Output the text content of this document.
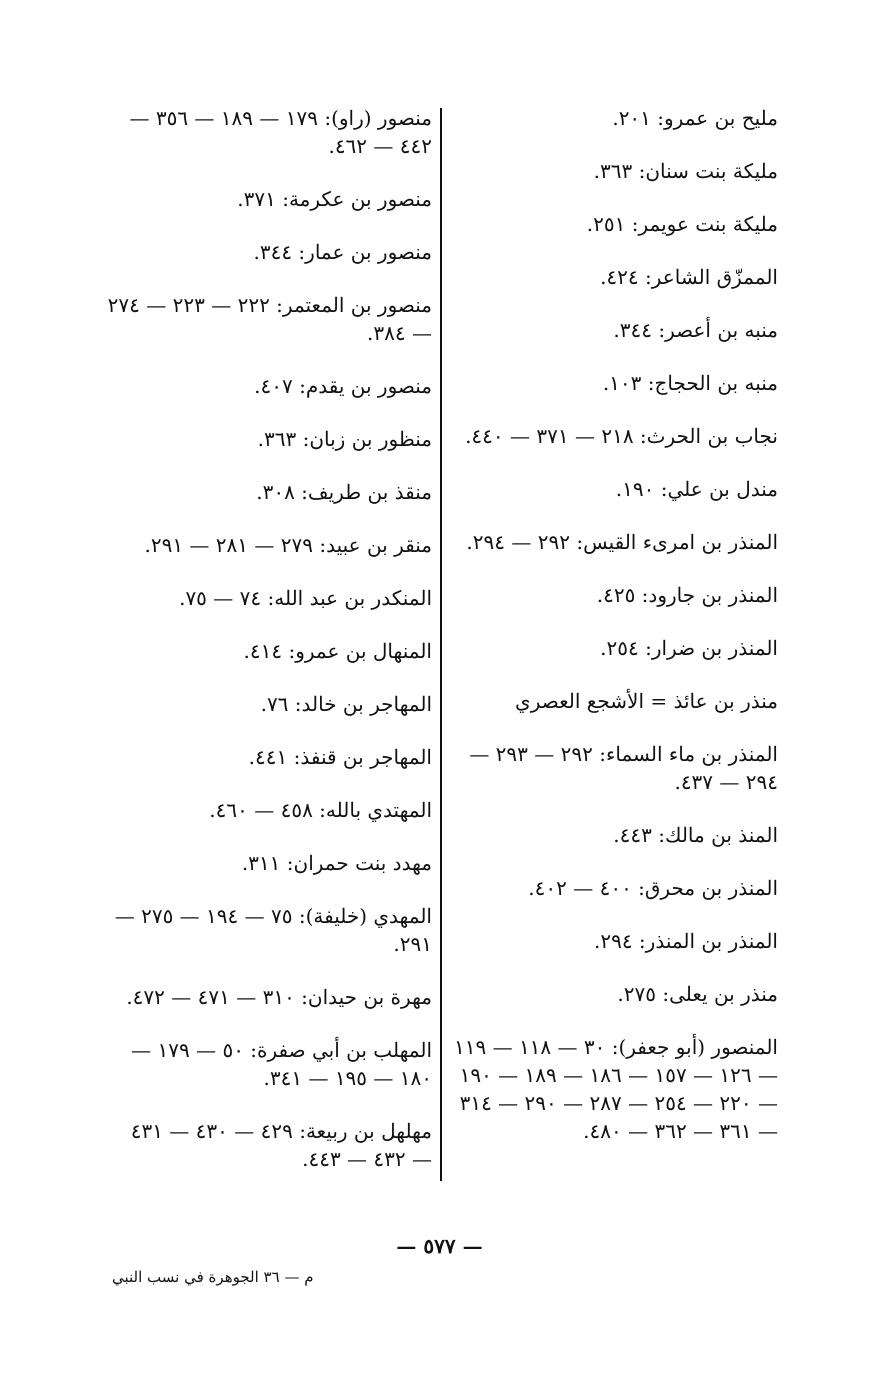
مليح بن عمرو: ٢٠١.
مليكة بنت سنان: ٣٦٣.
مليكة بنت عويمر: ٢٥١.
الممزّق الشاعر: ٤٢٤.
منبه بن أعصر: ٣٤٤.
منبه بن الحجاج: ١٠٣.
نجاب بن الحرث: ٢١٨ — ٣٧١ — ٤٤٠.
مندل بن علي: ١٩٠.
المنذر بن امرىء القيس: ٢٩٢ — ٢٩٤.
المنذر بن جارود: ٤٢٥.
المنذر بن ضرار: ٢٥٤.
منذر بن عائذ = الأشجع العصري
المنذر بن ماء السماء: ٢٩٢ — ٢٩٣ — ٢٩٤ — ٤٣٧.
المنذ بن مالك: ٤٤٣.
المنذر بن محرق: ٤٠٠ — ٤٠٢.
المنذر بن المنذر: ٢٩٤.
منذر بن يعلى: ٢٧٥.
المنصور (أبو جعفر): ٣٠ — ١١٨ — ١١٩ — ١٢٦ — ١٥٧ — ١٨٦ — ١٨٩ — ١٩٠ — ٢٢٠ — ٢٥٤ — ٢٨٧ — ٢٩٠ — ٣١٤ — ٣٦١ — ٣٦٢ — ٤٨٠.
منصور (راو): ١٧٩ — ١٨٩ — ٣٥٦ — ٤٤٢ — ٤٦٢.
منصور بن عكرمة: ٣٧١.
منصور بن عمار: ٣٤٤.
منصور بن المعتمر: ٢٢٢ — ٢٢٣ — ٢٧٤ — ٣٨٤.
منصور بن يقدم: ٤٠٧.
منظور بن زبان: ٣٦٣.
منقذ بن طريف: ٣٠٨.
منقر بن عبيد: ٢٧٩ — ٢٨١ — ٢٩١.
المنكدر بن عبد الله: ٧٤ — ٧٥.
المنهال بن عمرو: ٤١٤.
المهاجر بن خالد: ٧٦.
المهاجر بن قنفذ: ٤٤١.
المهتدي بالله: ٤٥٨ — ٤٦٠.
مهدد بنت حمران: ٣١١.
المهدي (خليفة): ٧٥ — ١٩٤ — ٢٧٥ — ٢٩١.
مهرة بن حيدان: ٣١٠ — ٤٧١ — ٤٧٢.
المهلب بن أبي صفرة: ٥٠ — ١٧٩ — ١٨٠ — ١٩٥ — ٣٤١.
مهلهل بن ربيعة: ٤٢٩ — ٤٣٠ — ٤٣١ — ٤٣٢ — ٤٤٣.
— ٥٧٧ —
م — ٣٦ الجوهرة في نسب النبي
